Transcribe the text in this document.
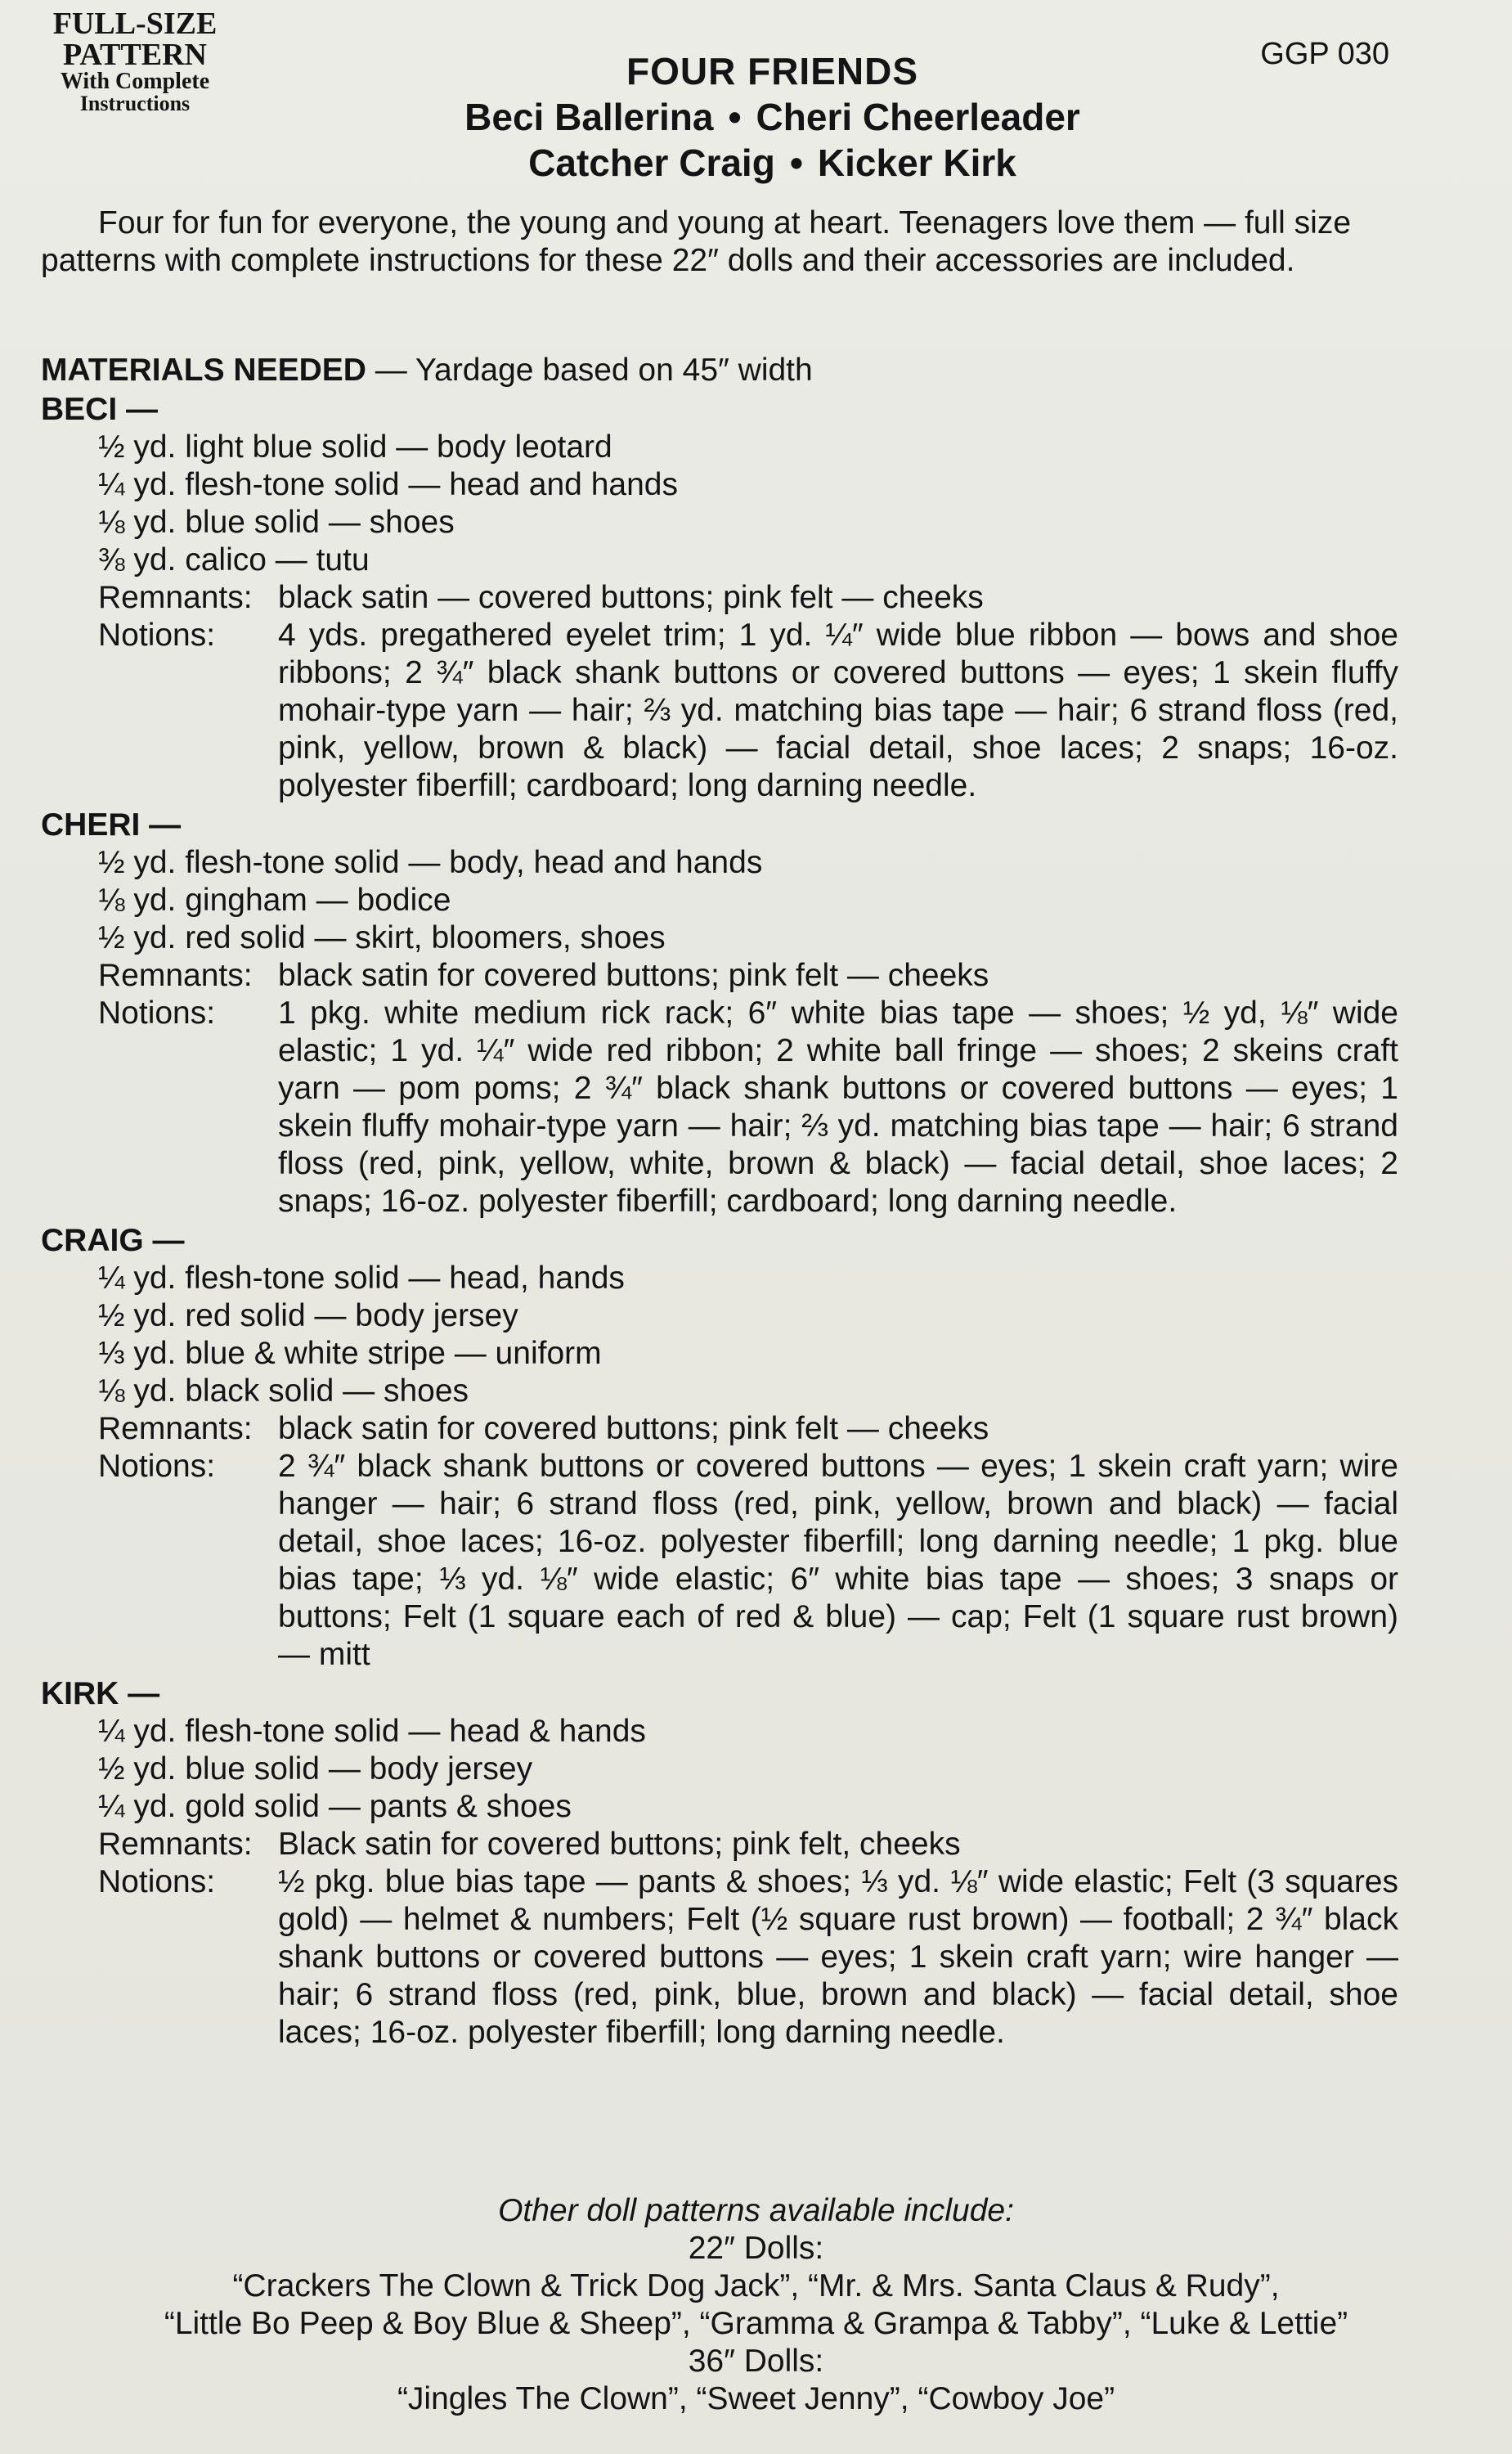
FULL-SIZE
PATTERN
With Complete
Instructions
GGP 030
FOUR FRIENDS
Beci Ballerina • Cheri Cheerleader
Catcher Craig • Kicker Kirk
Four for fun for everyone, the young and young at heart. Teenagers love them — full size patterns with complete instructions for these 22″ dolls and their accessories are included.
MATERIALS NEEDED — Yardage based on 45″ width
BECI —
½ yd. light blue solid — body leotard
¼ yd. flesh-tone solid — head and hands
⅛ yd. blue solid — shoes
⅜ yd. calico — tutu
Remnants: black satin — covered buttons; pink felt — cheeks
Notions:	4 yds. pregathered eyelet trim; 1 yd. ¼″ wide blue ribbon — bows and shoe ribbons; 2 ¾″ black shank buttons or covered buttons — eyes; 1 skein fluffy mohair-type yarn — hair; ⅔ yd. matching bias tape — hair; 6 strand floss (red, pink, yellow, brown & black) — facial detail, shoe laces; 2 snaps; 16-oz. polyester fiberfill; cardboard; long darning needle.
CHERI —
½ yd. flesh-tone solid — body, head and hands
⅛ yd. gingham — bodice
½ yd. red solid — skirt, bloomers, shoes
Remnants: black satin for covered buttons; pink felt — cheeks
Notions:	1 pkg. white medium rick rack; 6″ white bias tape — shoes; ½ yd, ⅛″ wide elastic; 1 yd. ¼″ wide red ribbon; 2 white ball fringe — shoes; 2 skeins craft yarn — pom poms; 2 ¾″ black shank buttons or covered buttons — eyes; 1 skein fluffy mohair-type yarn — hair; ⅔ yd. matching bias tape — hair; 6 strand floss (red, pink, yellow, white, brown & black) — facial detail, shoe laces; 2 snaps; 16-oz. polyester fiberfill; cardboard; long darning needle.
CRAIG —
¼ yd. flesh-tone solid — head, hands
½ yd. red solid — body jersey
⅓ yd. blue & white stripe — uniform
⅛ yd. black solid — shoes
Remnants: black satin for covered buttons; pink felt — cheeks
Notions:	2 ¾″ black shank buttons or covered buttons — eyes; 1 skein craft yarn; wire hanger — hair; 6 strand floss (red, pink, yellow, brown and black) — facial detail, shoe laces; 16-oz. polyester fiberfill; long darning needle; 1 pkg. blue bias tape; ⅓ yd. ⅛″ wide elastic; 6″ white bias tape — shoes; 3 snaps or buttons; Felt (1 square each of red & blue) — cap; Felt (1 square rust brown) — mitt
KIRK —
¼ yd. flesh-tone solid — head & hands
½ yd. blue solid — body jersey
¼ yd. gold solid — pants & shoes
Remnants: Black satin for covered buttons; pink felt, cheeks
Notions:	½ pkg. blue bias tape — pants & shoes; ⅓ yd. ⅛″ wide elastic; Felt (3 squares gold) — helmet & numbers; Felt (½ square rust brown) — football; 2 ¾″ black shank buttons or covered buttons — eyes; 1 skein craft yarn; wire hanger — hair; 6 strand floss (red, pink, blue, brown and black) — facial detail, shoe laces; 16-oz. polyester fiberfill; long darning needle.
Other doll patterns available include:
22″ Dolls:
“Crackers The Clown & Trick Dog Jack”, “Mr. & Mrs. Santa Claus & Rudy”,
“Little Bo Peep & Boy Blue & Sheep”, “Gramma & Grampa & Tabby”, “Luke & Lettie”
36″ Dolls:
“Jingles The Clown”, “Sweet Jenny”, “Cowboy Joe”
